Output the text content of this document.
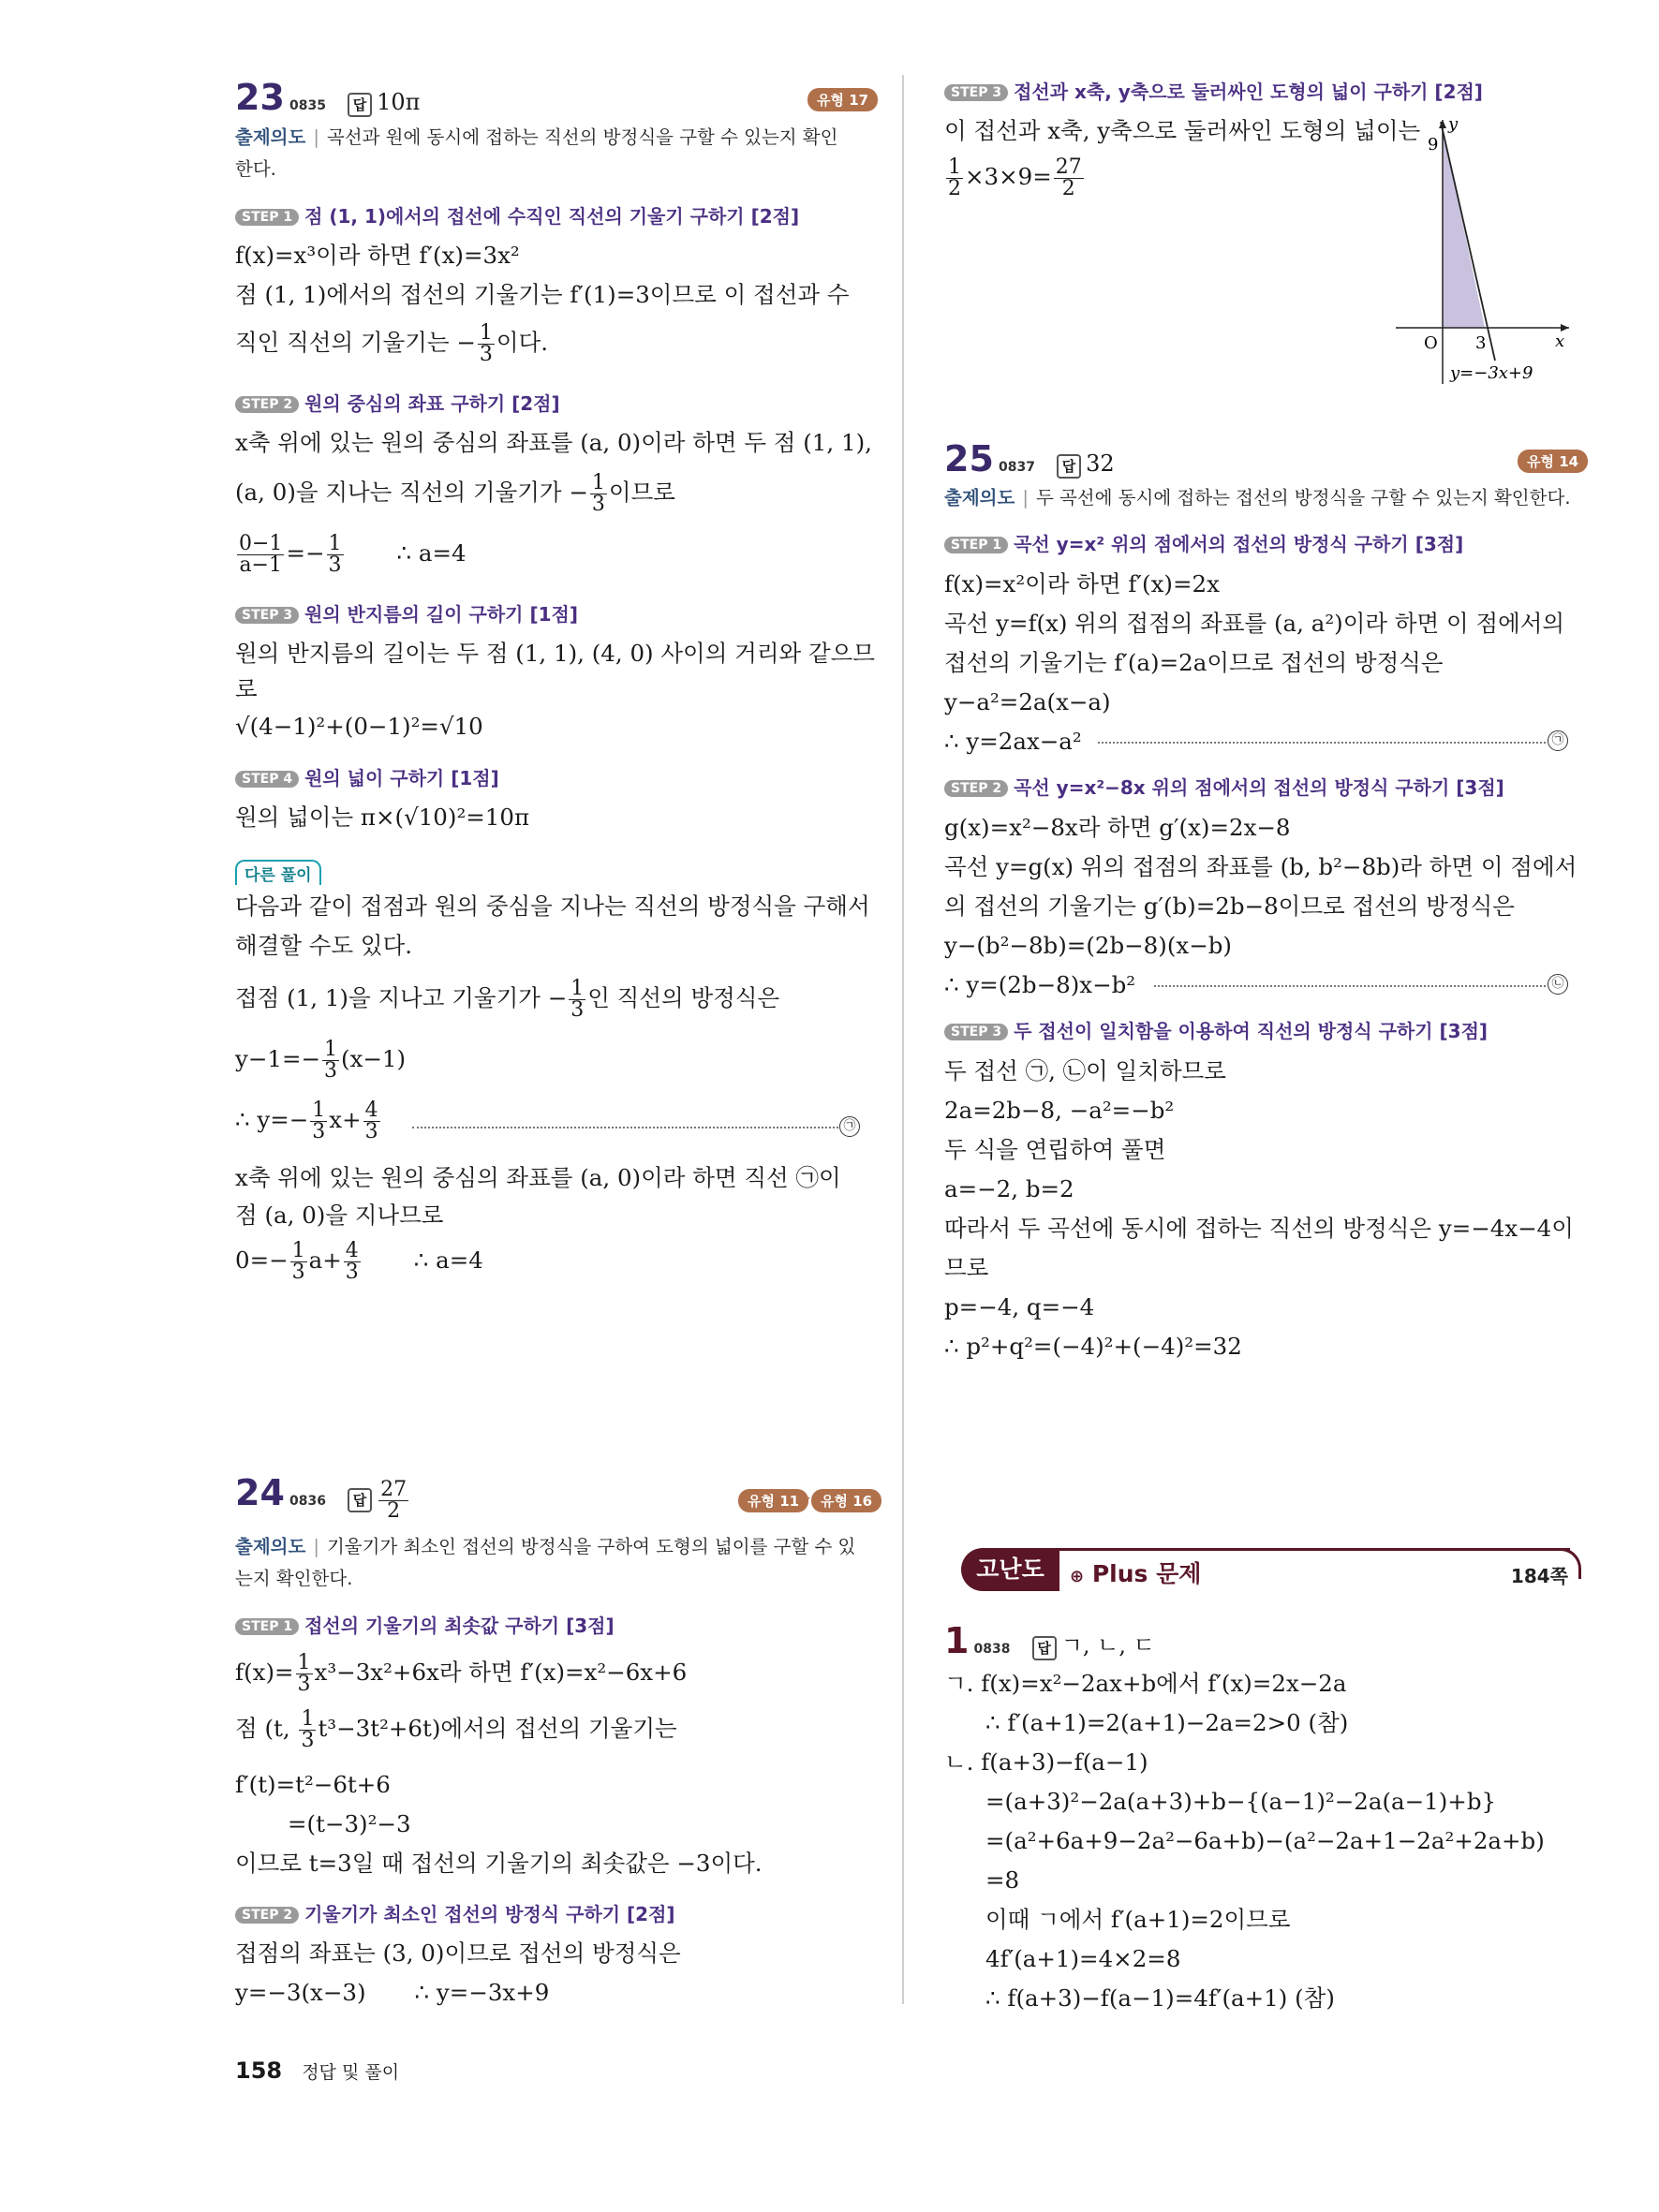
23 0835 답 10π	유형 17
출제의도 | 곡선과 원에 동시에 접하는 직선의 방정식을 구할 수 있는지 확인
한다.
STEP 1 점 (1, 1)에서의 접선에 수직인 직선의 기울기 구하기 [2점]
f(x)=x³이라 하면 f′(x)=3x²
점 (1, 1)에서의 접선의 기울기는 f′(1)=3이므로 이 접선과 수
직인 직선의 기울기는 − $\frac{1}{3}$ 이다.
STEP 2 원의 중심의 좌표 구하기 [2점]
x축 위에 있는 원의 중심의 좌표를 (a, 0)이라 하면 두 점 (1, 1),
(a, 0)을 지나는 직선의 기울기가 − $\frac{1}{3}$ 이므로
$\frac{0-1}{a-1} =- \frac{1}{3}$ ∴ a=4
STEP 3 원의 반지름의 길이 구하기 [1점]
원의 반지름의 길이는 두 점 (1, 1), (4, 0) 사이의 거리와 같으므
로
√(4−1)²+(0−1)²=√10
STEP 4 원의 넓이 구하기 [1점]
원의 넓이는 π×(√10)²=10π
다른 풀이
다음과 같이 접점과 원의 중심을 지나는 직선의 방정식을 구해서
해결할 수도 있다.
접점 (1, 1)을 지나고 기울기가 − $\frac{1}{3}$ 인 직선의 방정식은
$y-1=- \frac{1}{3} (x-1)$
∴ $y=- \frac{1}{3} x+ \frac{4}{3}$	㉠
x축 위에 있는 원의 중심의 좌표를 (a, 0)이라 하면 직선 ㉠이
점 (a, 0)을 지나므로
$0=- \frac{1}{3} a+ \frac{4}{3}$ ∴ a=4
24 0836 답 $\frac{27}{2}$	유형 11 + 유형 16
출제의도 | 기울기가 최소인 접선의 방정식을 구하여 도형의 넓이를 구할 수 있
는지 확인한다.
STEP 1 접선의 기울기의 최솟값 구하기 [3점]
$f(x)= \frac{1}{3} x^3-3x^2+6x$라 하면 f′(x)=x²−6x+6
점 (t, $\frac{1}{3} t^3-3t^2+6t$)에서의 접선의 기울기는
f′(t)=t²−6t+6
=(t−3)²−3
이므로 t=3일 때 접선의 기울기의 최솟값은 −3이다.
STEP 2 기울기가 최소인 접선의 방정식 구하기 [2점]
접점의 좌표는 (3, 0)이므로 접선의 방정식은
y=−3(x−3) ∴ y=−3x+9
STEP 3 접선과 x축, y축으로 둘러싸인 도형의 넓이 구하기 [2점]
이 접선과 x축, y축으로 둘러싸인 도형의 넓이는
$\frac{1}{2} \times 3\times 9= \frac{27}{2}$
y
9
O 3	x
y=−3x+9
25 0837 답 32	유형 14
출제의도 | 두 곡선에 동시에 접하는 접선의 방정식을 구할 수 있는지 확인한다.
STEP 1 곡선 y=x² 위의 점에서의 접선의 방정식 구하기 [3점]
f(x)=x²이라 하면 f′(x)=2x
곡선 y=f(x) 위의 접점의 좌표를 (a, a²)이라 하면 이 점에서의
접선의 기울기는 f′(a)=2a이므로 접선의 방정식은
y−a²=2a(x−a)
∴ y=2ax−a²	㉠
STEP 2 곡선 y=x²−8x 위의 점에서의 접선의 방정식 구하기 [3점]
g(x)=x²−8x라 하면 g′(x)=2x−8
곡선 y=g(x) 위의 접점의 좌표를 (b, b²−8b)라 하면 이 점에서
의 접선의 기울기는 g′(b)=2b−8이므로 접선의 방정식은
y−(b²−8b)=(2b−8)(x−b)
∴ y=(2b−8)x−b²	㉡
STEP 3 두 접선이 일치함을 이용하여 직선의 방정식 구하기 [3점]
두 접선 ㉠, ㉡이 일치하므로
2a=2b−8, −a²=−b²
두 식을 연립하여 풀면
a=−2, b=2
따라서 두 곡선에 동시에 접하는 직선의 방정식은 y=−4x−4이
므로
p=−4, q=−4
∴ p²+q²=(−4)²+(−4)²=32
고난도	⊕ Plus 문제	184쪽
1 0838 답 ㄱ, ㄴ, ㄷ
ㄱ. f(x)=x²−2ax+b에서 f′(x)=2x−2a
∴ f′(a+1)=2(a+1)−2a=2>0 (참)
ㄴ. f(a+3)−f(a−1)
=(a+3)²−2a(a+3)+b−{(a−1)²−2a(a−1)+b}
=(a²+6a+9−2a²−6a+b)−(a²−2a+1−2a²+2a+b)
=8
이때 ㄱ에서 f′(a+1)=2이므로
4f′(a+1)=4×2=8
∴ f(a+3)−f(a−1)=4f′(a+1) (참)
158 정답 및 풀이
